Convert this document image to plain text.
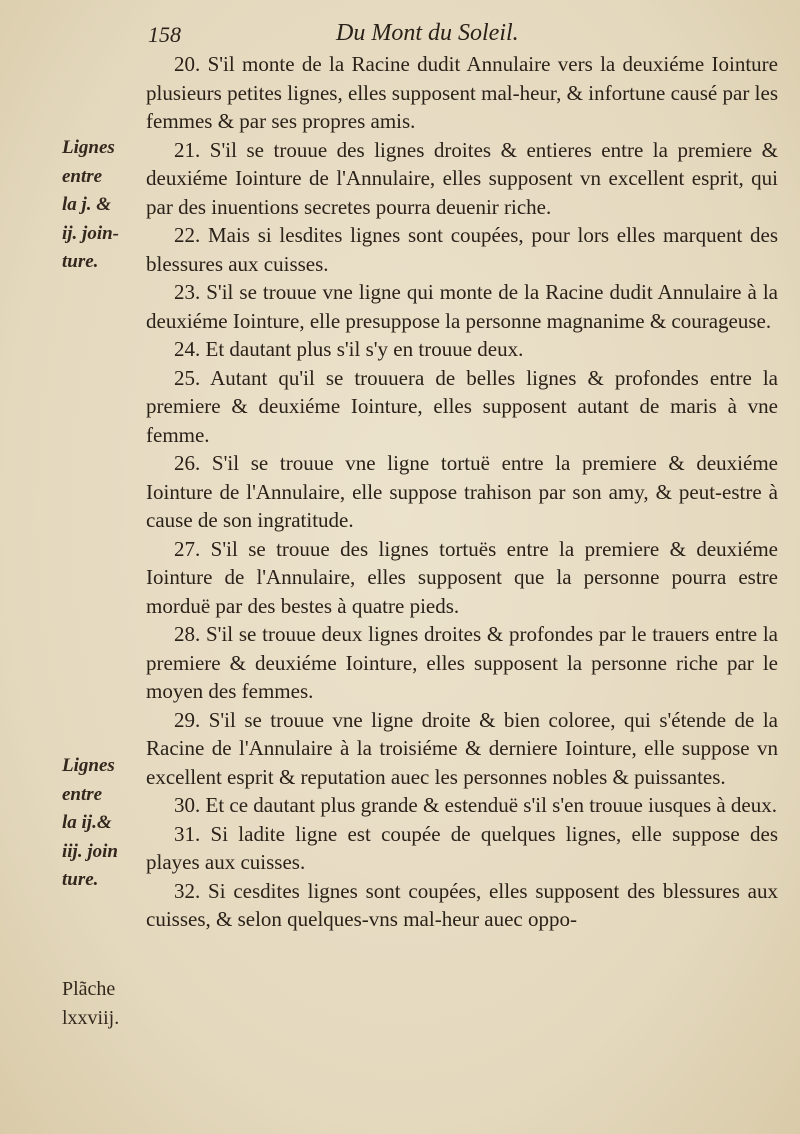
158	Du Mont du Soleil.
Lignes
entre
la j. &
ij. join-
ture.
Lignes
entre
la ij.&
iij. join
ture.
Plãche
lxxviij.

20. S'il monte de la Racine dudit Annulaire vers la deuxiéme Iointure plusieurs petites lignes, elles supposent mal-heur, & infortune causé par les femmes & par ses propres amis.

21. S'il se trouue des lignes droites & entieres entre la premiere & deuxiéme Iointure de l'Annulaire, elles supposent vn excellent esprit, qui par des inuentions secretes pourra deuenir riche.

22. Mais si lesdites lignes sont coupées, pour lors elles marquent des blessures aux cuisses.

23. S'il se trouue vne ligne qui monte de la Racine dudit Annulaire à la deuxiéme Iointure, elle presuppose la personne magnanime & courageuse.

24. Et dautant plus s'il s'y en trouue deux.

25. Autant qu'il se trouuera de belles lignes & profondes entre la premiere & deuxiéme Iointure, elles supposent autant de maris à vne femme.

26. S'il se trouue vne ligne tortuë entre la premiere & deuxiéme Iointure de l'Annulaire, elle suppose trahison par son amy, & peut-estre à cause de son ingratitude.

27. S'il se trouue des lignes tortuës entre la premiere & deuxiéme Iointure de l'Annulaire, elles supposent que la personne pourra estre morduë par des bestes à quatre pieds.

28. S'il se trouue deux lignes droites & profondes par le trauers entre la premiere & deuxiéme Iointure, elles supposent la personne riche par le moyen des femmes.

29. S'il se trouue vne ligne droite & bien coloree, qui s'étende de la Racine de l'Annulaire à la troisiéme & derniere Iointure, elle suppose vn excellent esprit & reputation auec les personnes nobles & puissantes.

30. Et ce dautant plus grande & estenduë s'il s'en trouue iusques à deux.

31. Si ladite ligne est coupée de quelques lignes, elle suppose des playes aux cuisses.

32. Si cesdites lignes sont coupées, elles supposent des blessures aux cuisses, & selon quelques-vns mal-heur auec oppo-
